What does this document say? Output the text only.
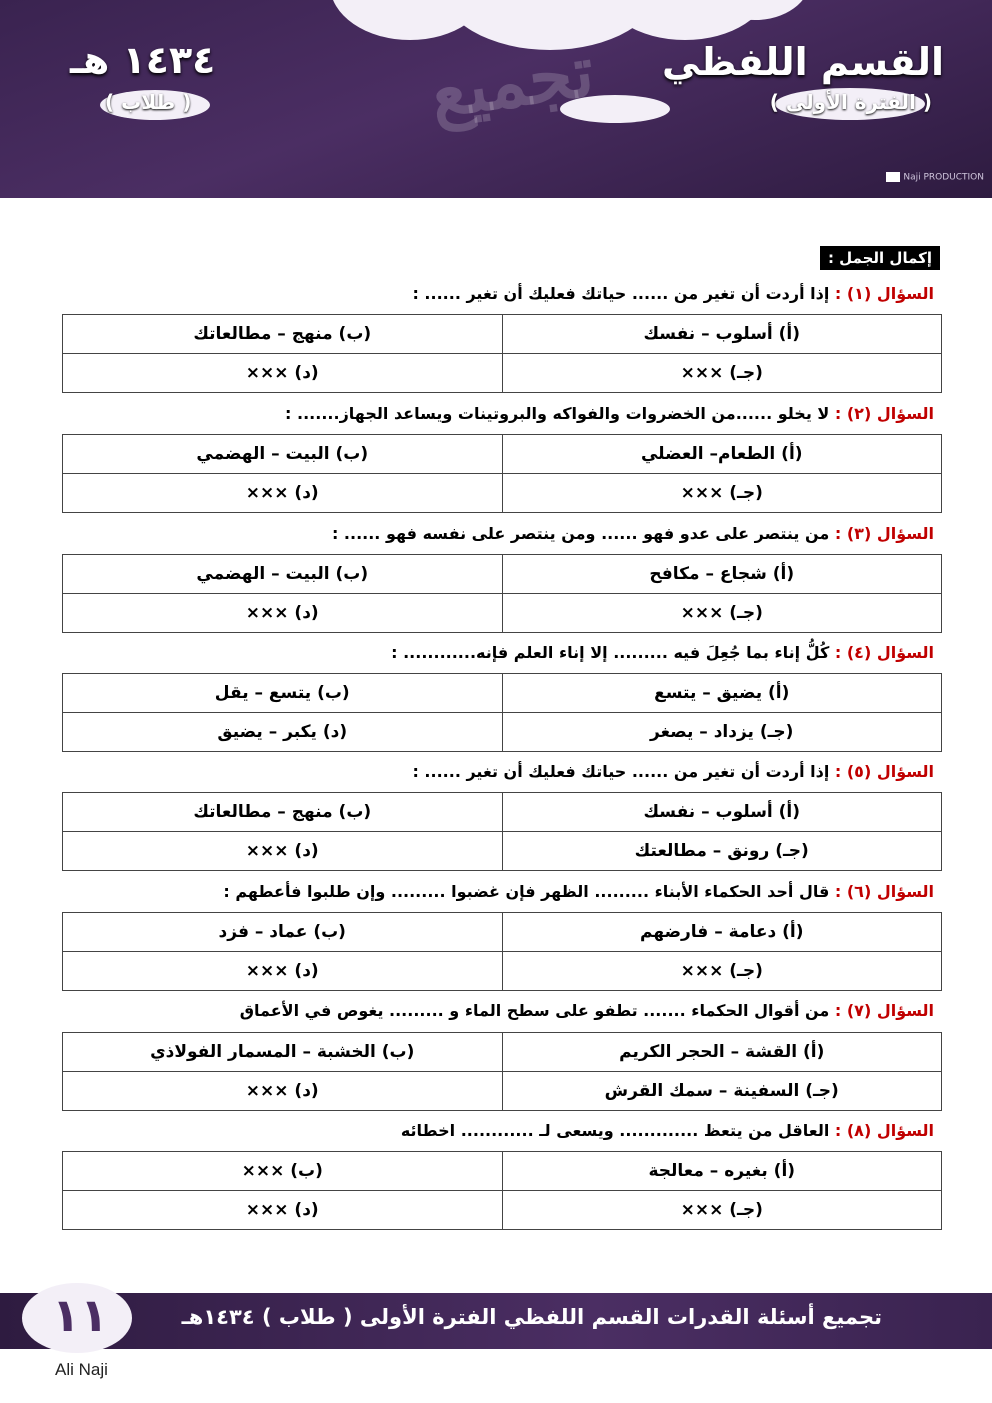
تجميع القسم اللفظي
( الفترة الأولى )
١٤٣٤ هـ
( طلاب )
Naji PRODUCTION
إكمال الجمل :
السؤال (١) : إذا أردت أن تغير من ...... حياتك فعليك أن تغير ...... :
(أ) أسلوب – نفسك	(ب) منهج – مطالعاتك
(جـ) ×××	(د) ×××
السؤال (٢) : لا يخلو ......من الخضروات والفواكه والبروتينات ويساعد الجهاز....... :
(أ) الطعام– العضلي	(ب) البيت – الهضمي
(جـ) ×××	(د) ×××
السؤال (٣) : من ينتصر على عدو فهو ...... ومن ينتصر على نفسه فهو ...... :
(أ) شجاع – مكافح	(ب) البيت – الهضمي
(جـ) ×××	(د) ×××
السؤال (٤) : كُلُّ إناء بما جُعِلَ فيه ......... إلا إناء العلم فإنه............ :
(أ) يضيق – يتسع	(ب) يتسع – يقل
(جـ) يزداد – يصغر	(د) يكبر – يضيق
السؤال (٥) : إذا أردت أن تغير من ...... حياتك فعليك أن تغير ...... :
(أ) أسلوب – نفسك	(ب) منهج – مطالعاتك
(جـ) رونق – مطالعتك	(د) ×××
السؤال (٦) : قال أحد الحكماء الأبناء ......... الظهر فإن غضبوا ......... وإن طلبوا فأعطهم :
(أ) دعامة – فارضهم	(ب) عماد – فزد
(جـ) ×××	(د) ×××
السؤال (٧) : من أقوال الحكماء ....... تطفو على سطح الماء و ......... يغوص في الأعماق
(أ) القشة – الحجر الكريم	(ب) الخشبة – المسمار الفولاذي
(جـ) السفينة – سمك القرش	(د) ×××
السؤال (٨) : العاقل من يتعظ ............. ويسعى لـ ............ اخطائه
(أ) بغيره – معالجة	(ب) ×××
(جـ) ×××	(د) ×××
تجميع أسئلة القدرات القسم اللفظي الفترة الأولى ( طلاب ) ١٤٣٤هـ
١١
Ali Naji
